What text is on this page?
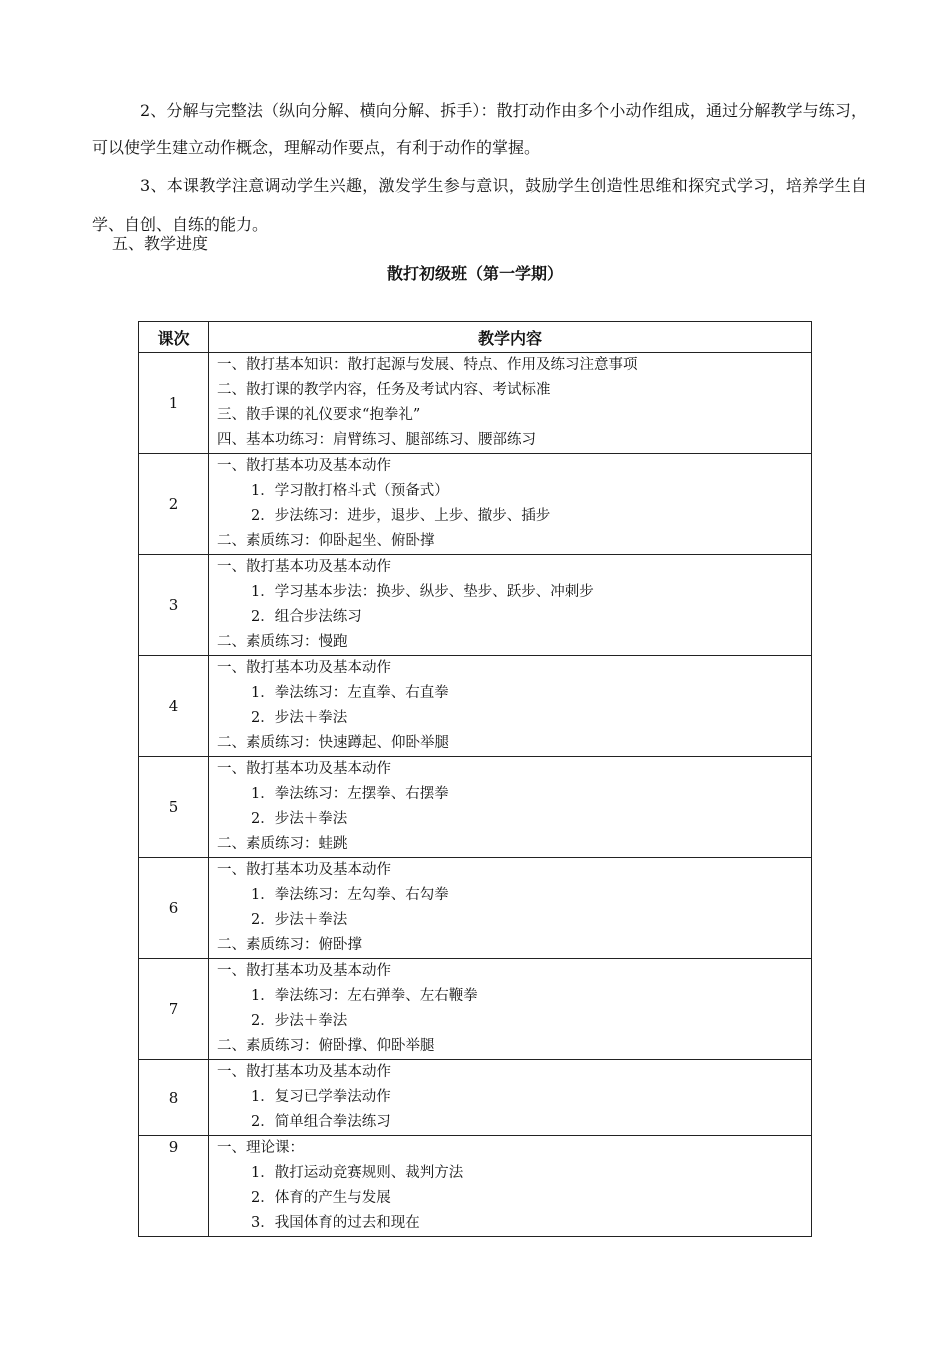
2、分解与完整法（纵向分解、横向分解、拆手）：散打动作由多个小动作组成，通过分解教学与练习，可以使学生建立动作概念，理解动作要点，有利于动作的掌握。

3、本课教学注意调动学生兴趣，激发学生参与意识，鼓励学生创造性思维和探究式学习，培养学生自学、自创、自练的能力。

五、教学进度
散打初级班（第一学期）
课次	教学内容
1	一、散打基本知识：散打起源与发展、特点、作用及练习注意事项
二、散打课的教学内容，任务及考试内容、考试标准
三、散手课的礼仪要求“抱拳礼”
四、基本功练习：肩臂练习、腿部练习、腰部练习

2	一、散打基本功及基本动作
1．学习散打格斗式（预备式）
2．步法练习：进步，退步、上步、撤步、插步
二、素质练习：仰卧起坐、俯卧撑

3	一、散打基本功及基本动作
1．学习基本步法：换步、纵步、垫步、跃步、冲刺步
2．组合步法练习
二、素质练习：慢跑

4	一、散打基本功及基本动作
1．拳法练习：左直拳、右直拳
2．步法＋拳法
二、素质练习：快速蹲起、仰卧举腿

5	一、散打基本功及基本动作
1．拳法练习：左摆拳、右摆拳
2．步法＋拳法
二、素质练习：蛙跳

6	一、散打基本功及基本动作
1．拳法练习：左勾拳、右勾拳
2．步法＋拳法
二、素质练习：俯卧撑

7	一、散打基本功及基本动作
1．拳法练习：左右弹拳、左右鞭拳
2．步法＋拳法
二、素质练习：俯卧撑、仰卧举腿

8	一、散打基本功及基本动作
1．复习已学拳法动作
2．简单组合拳法练习

9	一、理论课：
1．散打运动竞赛规则、裁判方法
2．体育的产生与发展
3．我国体育的过去和现在
